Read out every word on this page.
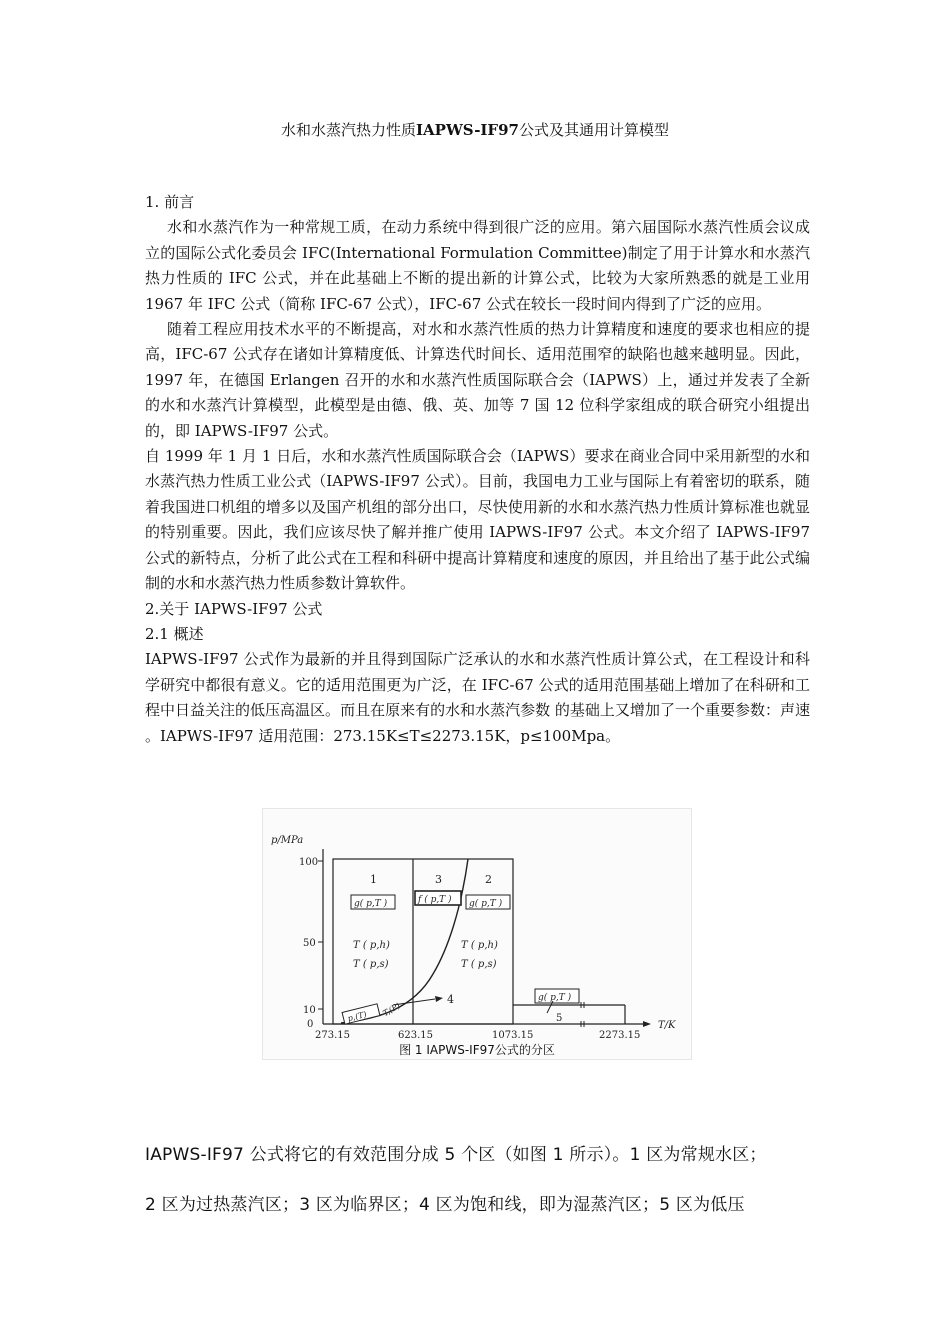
水和水蒸汽热力性质IAPWS-IF97公式及其通用计算模型

1. 前言

水和水蒸汽作为一种常规工质，在动力系统中得到很广泛的应用。第六届国际水蒸汽性质会议成立的国际公式化委员会 IFC(International Formulation Committee)制定了用于计算水和水蒸汽热力性质的 IFC 公式，并在此基础上不断的提出新的计算公式，比较为大家所熟悉的就是工业用 1967 年 IFC 公式（简称 IFC-67 公式），IFC-67 公式在较长一段时间内得到了广泛的应用。

随着工程应用技术水平的不断提高，对水和水蒸汽性质的热力计算精度和速度的要求也相应的提高，IFC-67 公式存在诸如计算精度低、计算迭代时间长、适用范围窄的缺陷也越来越明显。因此，1997 年，在德国 Erlangen 召开的水和水蒸汽性质国际联合会（IAPWS）上，通过并发表了全新的水和水蒸汽计算模型，此模型是由德、俄、英、加等 7 国 12 位科学家组成的联合研究小组提出的，即 IAPWS-IF97 公式。

自 1999 年 1 月 1 日后，水和水蒸汽性质国际联合会（IAPWS）要求在商业合同中采用新型的水和水蒸汽热力性质工业公式（IAPWS-IF97 公式）。目前，我国电力工业与国际上有着密切的联系，随着我国进口机组的增多以及国产机组的部分出口，尽快使用新的水和水蒸汽热力性质计算标准也就显的特别重要。因此，我们应该尽快了解并推广使用 IAPWS-IF97 公式。本文介绍了 IAPWS-IF97 公式的新特点，分析了此公式在工程和科研中提高计算精度和速度的原因，并且给出了基于此公式编制的水和水蒸汽热力性质参数计算软件。

2.关于 IAPWS-IF97 公式

2.1 概述

IAPWS-IF97 公式作为最新的并且得到国际广泛承认的水和水蒸汽性质计算公式，在工程设计和科学研究中都很有意义。它的适用范围更为广泛，在 IFC-67 公式的适用范围基础上增加了在科研和工程中日益关注的低压高温区。而且在原来有的水和水蒸汽参数 的基础上又增加了一个重要参数：声速 。IAPWS-IF97 适用范围：273.15K≤T≤2273.15K，p≤100Mpa。

p/MPa
T/K
100
50
10
0
273.15	623.15	1073.15	2273.15
1	3	2
4
5
g( p,T )
T ( p,h)
T ( p,s)
f ( p,T ) g( p,T )
T ( p,h)
T ( p,s)
p,(T) T,(P)
g( p,T )
图 1 IAPWS-IF97公式的分区
IAPWS-IF97 公式将它的有效范围分成 5 个区（如图 1 所示）。1 区为常规水区；
2 区为过热蒸汽区；3 区为临界区；4 区为饱和线，即为湿蒸汽区；5 区为低压
